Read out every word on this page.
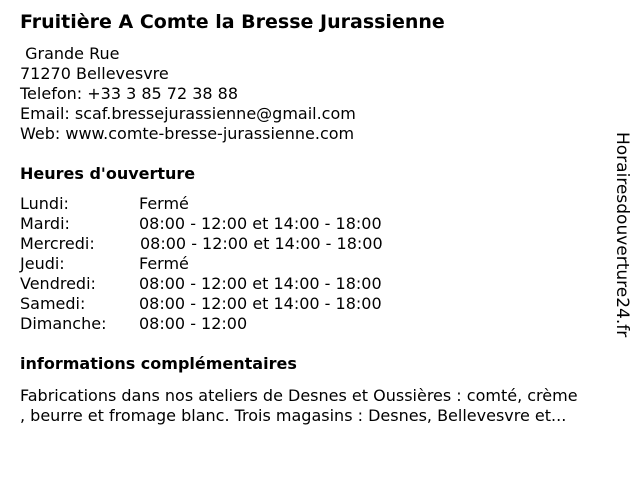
Fruitière A Comte la Bresse Jurassienne
Grande Rue
71270 Bellevesvre
Telefon: +33 3 85 72 38 88
Email: scaf.bressejurassienne@gmail.com
Web: www.comte-bresse-jurassienne.com
Heures d'ouverture
Lundi:	Fermé
Mardi:	08:00 - 12:00 et 14:00 - 18:00
Mercredi:	08:00 - 12:00 et 14:00 - 18:00
Jeudi:	Fermé
Vendredi:	08:00 - 12:00 et 14:00 - 18:00
Samedi:	08:00 - 12:00 et 14:00 - 18:00
Dimanche: 08:00 - 12:00
informations complémentaires
Horairesdouverture24.fr
Fabrications dans nos ateliers de Desnes et Oussières : comté, crème
, beurre et fromage blanc. Trois magasins : Desnes, Bellevesvre et...
